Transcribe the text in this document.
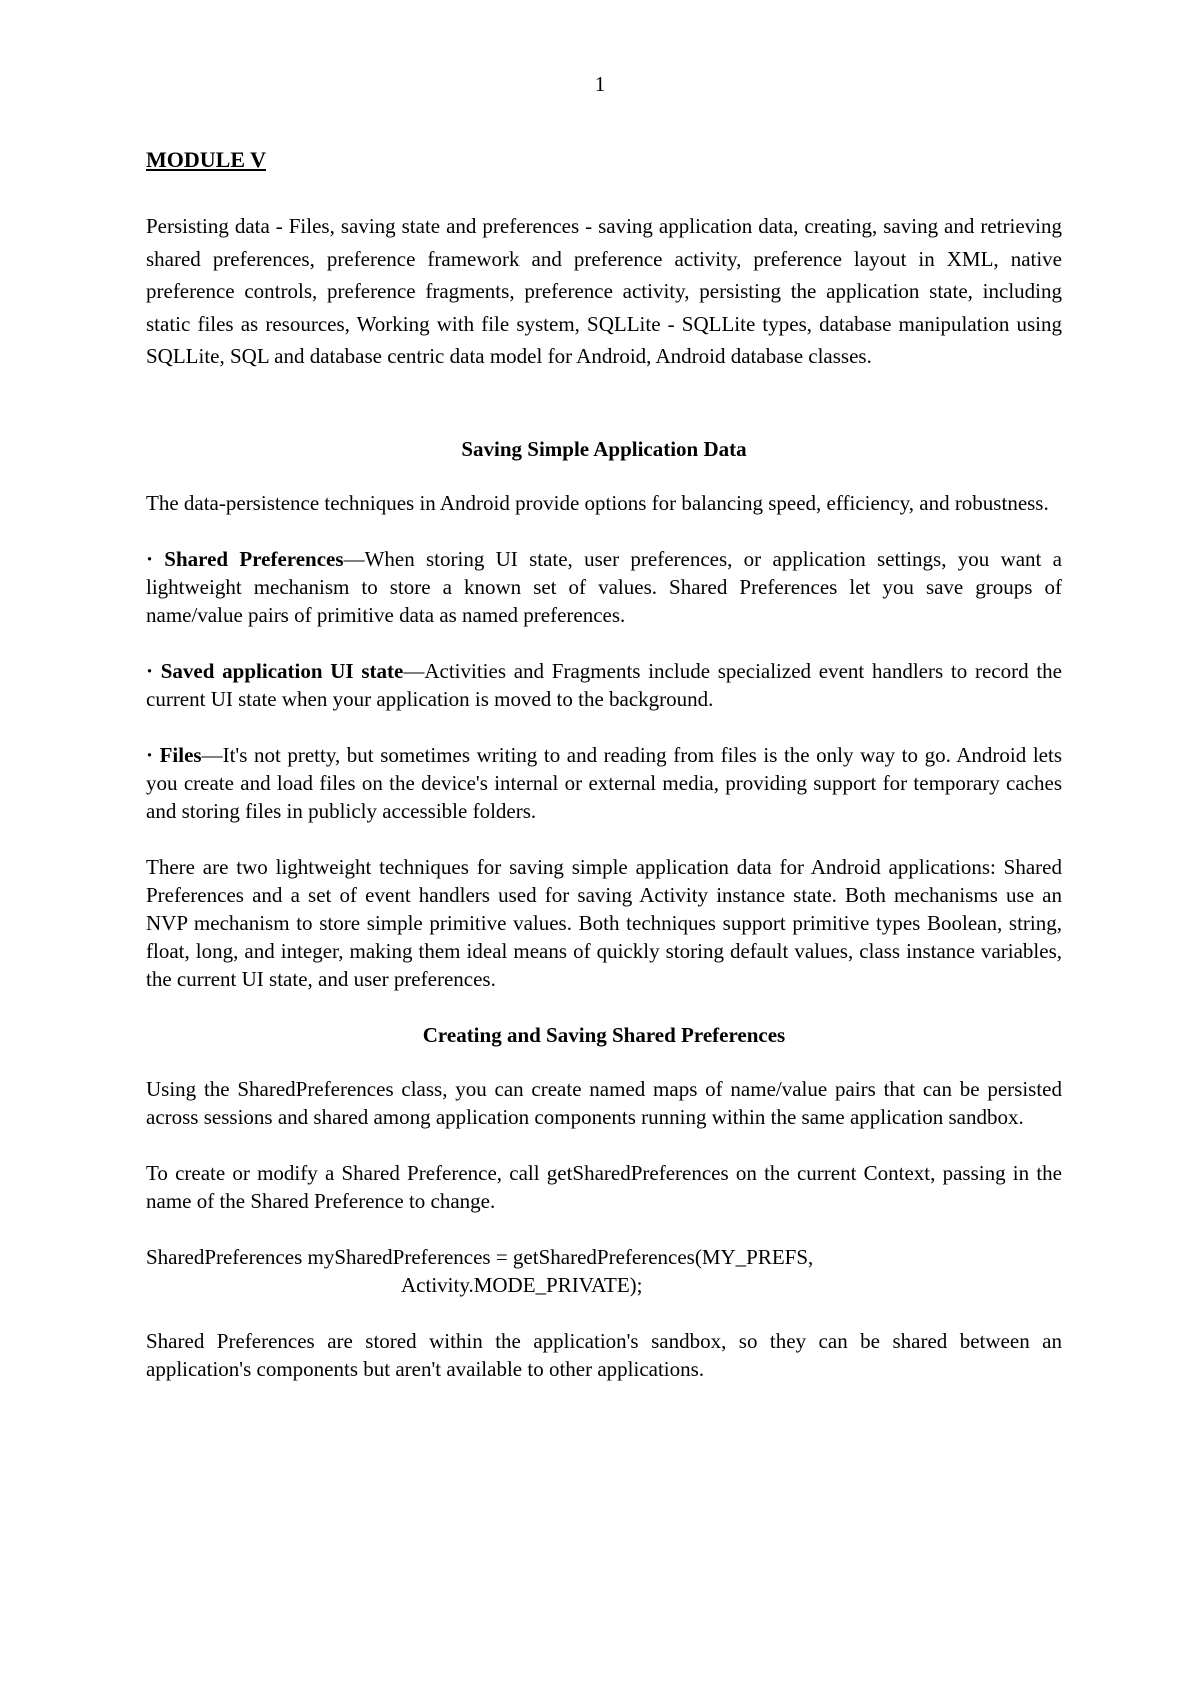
1
MODULE V
Persisting data - Files, saving state and preferences - saving application data, creating, saving and retrieving shared preferences, preference framework and preference activity, preference layout in XML, native preference controls, preference fragments, preference activity, persisting the application state, including static files as resources, Working with file system, SQLLite - SQLLite types, database manipulation using SQLLite, SQL and database centric data model for Android, Android database classes.
Saving Simple Application Data

The data-persistence techniques in Android provide options for balancing speed, efficiency, and robustness.

· Shared Preferences—When storing UI state, user preferences, or application settings, you want a lightweight mechanism to store a known set of values. Shared Preferences let you save groups of name/value pairs of primitive data as named preferences.

· Saved application UI state—Activities and Fragments include specialized event handlers to record the current UI state when your application is moved to the background.

· Files—It's not pretty, but sometimes writing to and reading from files is the only way to go. Android lets you create and load files on the device's internal or external media, providing support for temporary caches and storing files in publicly accessible folders.

There are two lightweight techniques for saving simple application data for Android applications: Shared Preferences and a set of event handlers used for saving Activity instance state. Both mechanisms use an NVP mechanism to store simple primitive values. Both techniques support primitive types Boolean, string, float, long, and integer, making them ideal means of quickly storing default values, class instance variables, the current UI state, and user preferences.

Creating and Saving Shared Preferences

Using the SharedPreferences class, you can create named maps of name/value pairs that can be persisted across sessions and shared among application components running within the same application sandbox.

To create or modify a Shared Preference, call getSharedPreferences on the current Context, passing in the name of the Shared Preference to change.

SharedPreferences mySharedPreferences = getSharedPreferences(MY_PREFS,
Activity.MODE_PRIVATE);

Shared Preferences are stored within the application's sandbox, so they can be shared between an application's components but aren't available to other applications.
